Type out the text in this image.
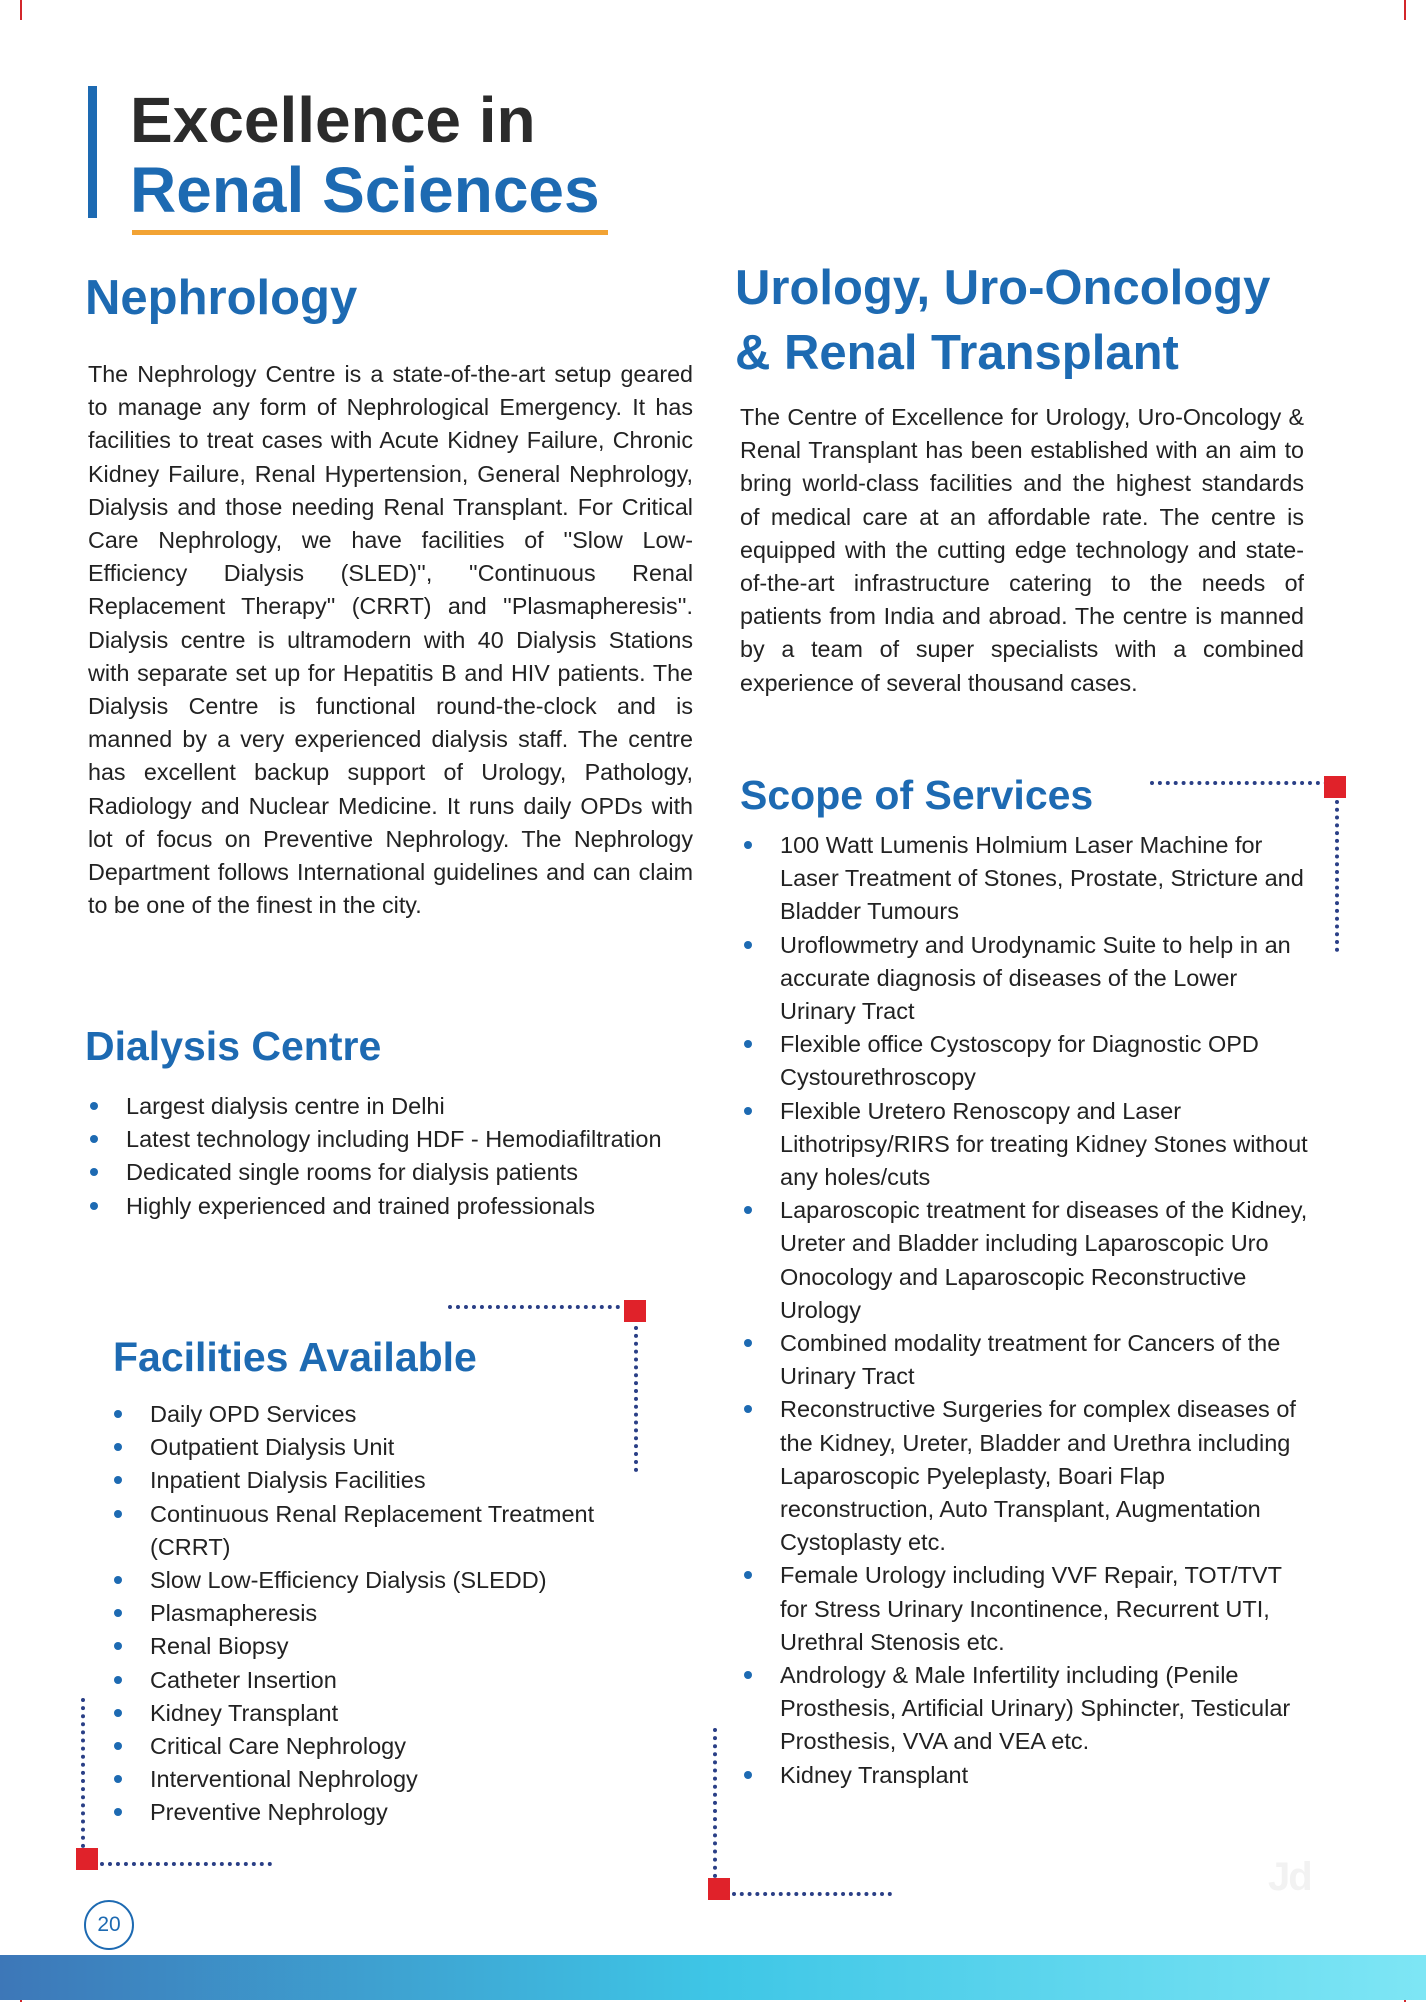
Excellence in
Renal Sciences
Nephrology

The Nephrology Centre is a state-of-the-art setup geared to manage any form of Nephrological Emergency. It has facilities to treat cases with Acute Kidney Failure, Chronic Kidney Failure, Renal Hypertension, General Nephrology, Dialysis and those needing Renal Transplant. For Critical Care Nephrology, we have facilities of ''Slow Low-Efficiency Dialysis (SLED)'', ''Continuous Renal Replacement Therapy'' (CRRT) and ''Plasmapheresis''. Dialysis centre is ultramodern with 40 Dialysis Stations with separate set up for Hepatitis B and HIV patients. The Dialysis Centre is functional round-the-clock and is manned by a very experienced dialysis staff. The centre has excellent backup support of Urology, Pathology, Radiology and Nuclear Medicine. It runs daily OPDs with lot of focus on Preventive Nephrology. The Nephrology Department follows International guidelines and can claim to be one of the finest in the city.

Dialysis Centre
Largest dialysis centre in Delhi
Latest technology including HDF - Hemodiafiltration
Dedicated single rooms for dialysis patients
Highly experienced and trained professionals
Facilities Available
Daily OPD Services
Outpatient Dialysis Unit
Inpatient Dialysis Facilities
Continuous Renal Replacement Treatment (CRRT)
Slow Low-Efficiency Dialysis (SLEDD)
Plasmapheresis
Renal Biopsy
Catheter Insertion
Kidney Transplant
Critical Care Nephrology
Interventional Nephrology
Preventive Nephrology
Urology, Uro-Oncology
& Renal Transplant

The Centre of Excellence for Urology, Uro-Oncology & Renal Transplant has been established with an aim to bring world-class facilities and the highest standards of medical care at an affordable rate. The centre is equipped with the cutting edge technology and state-of-the-art infrastructure catering to the needs of patients from India and abroad. The centre is manned by a team of super specialists with a combined experience of several thousand cases.

Scope of Services
100 Watt Lumenis Holmium Laser Machine for Laser Treatment of Stones, Prostate, Stricture and Bladder Tumours
Uroflowmetry and Urodynamic Suite to help in an accurate diagnosis of diseases of the Lower Urinary Tract
Flexible office Cystoscopy for Diagnostic OPD Cystourethroscopy
Flexible Uretero Renoscopy and Laser Lithotripsy/RIRS for treating Kidney Stones without any holes/cuts
Laparoscopic treatment for diseases of the Kidney, Ureter and Bladder including Laparoscopic Uro Onocology and Laparoscopic Reconstructive Urology
Combined modality treatment for Cancers of the Urinary Tract
Reconstructive Surgeries for complex diseases of the Kidney, Ureter, Bladder and Urethra including Laparoscopic Pyeleplasty, Boari Flap reconstruction, Auto Transplant, Augmentation Cystoplasty etc.
Female Urology including VVF Repair, TOT/TVT for Stress Urinary Incontinence, Recurrent UTI, Urethral Stenosis etc.
Andrology & Male Infertility including (Penile Prosthesis, Artificial Urinary) Sphincter, Testicular Prosthesis, VVA and VEA etc.
Kidney Transplant
Jd
20
